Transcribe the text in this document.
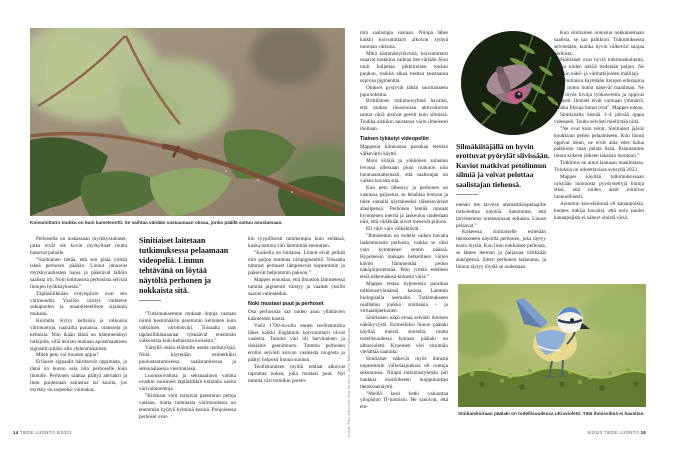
Koivumittarin toukka on kuin kameleontti. Se vaihtaa väriään vastaamaan oksaa, jonka päällä sattuu asustamaan.

Perhosella on niskassaan myrkkyrauhaset, jotka eivät ole kovin myrkylliset mutta haisevat pahalle.

”Sinitiainen tietää, että sen pitää yrittää iskeä perhosen päähän. Linnut inhoavat myrkkyrauhasten hajua ja päästävät tällöin saalista irti. Noin kolmasosa perhosista selviää lintujen hyökkäyksestä.”

Täpläsiilikkään erityispiirre ovat sen värimuodot. Yksilön väritys vaihtelee sukupuolen ja maantieteellisen sijainnin mukaan.

Koirailta löytyy keltaisia ja valkoisia värimuotoja, naarailta punaisia, oransseja ja keltaisia. Niin ikään tämä on hämmentänyt tutkijoita, sillä teorian mukaan aposemaattisen signaalin pitäisi olla yhdenmukainen.

Miten peto voi muuten oppia?

Erilaiset signaalit häiritsevät oppimista, ja tämä on huono asia niin perhoselle kuin linnulle. Perhonen saattaa päätyä ateriaksi ja lintu puolestaan sairastua tai kuolla, jos myrkky on tarpeeksi voimakas.

Sinitiaiset laitetaan tutkimuksessa pelaamaan videopeliä. Linnun tehtävänä on löytää näytöltä perhonen ja nokkaista sitä.

”Tutkimuksemme mukaan lintuja vastaan toimii keskimäärin paremmin keltainen kuin valkoinen varoitusväri. Toisaalta taas täpläsiilikäsnaaraat tykkäävät enemmän valkoisista kuin keltaisista koiraista.”

Väreillä onkin eläimille useita merkityksiä. Niitä käytetään esimerkiksi puolustautumisessa, saalistamisessa ja seksuaalisessa viestinnässä.

Luonnonvalinta ja seksuaalinen valinta ovatkin suosineet täpläsiilikin kohdalla useita värivaihtoehtoja.

”Kirkkaat värit toimivat paremmin petoja vastaan, mutta tummasta värimuodosta on enemmän hyötyä kylminä kesinä. Pohjoisessa perhoset ovat-

kin tyypillisesti tummempia kuin etelässä, koska tumma väri lämmittää enemmän.

”Kaikella on hintansa. Linnut eivät pelkää niin paljon tummaa väripigmenttiä. Toisaalta tummat perhoset lämpenevät nopeammin ja pääsevät helpommin pakoon.”

Mappes ennustaa, että ilmaston lämmetessä tumma pigmentti väistyy ja vaaleat yksilöt saavat valintaedun.

Noki mustasi puut ja perhoset

Osa perhosista saa uuden asun yllättävien käänteiden kautta.

Vielä 1700-luvulla ennen teollistumista lähes kaikki Englannin koivumittarit olivat vaaleita. Tumma väri oli harvinainen ja riskialtis geenimuoto. Tumma perhonen erottui selvästi koivun vaaleasta rungosta ja päätyi helposti linnun suuhun.

Teollistumisen myötä tehtaat alkoivat tupruttaa nokea, joka mustasi puut. Nyt tumma väri toimikin parem-	Kuvat: Pasi Kannisto, Esa Ström ja Janne Mäkinen/Vastavalo
14 TIEDE LUONTO 5/2023

min saalistajia vastaan. Niinpä lähes kaikki koivumittarit alkoivat syntyä tumman värisinä.

Mikä hämmästyttävintä, koivumittarit osaavat toukkina vaihtaa itse väriään. Kun tuuli kuljettaa pikkuruisen toukan puuhun, toukka alkaa tuottaa taustaansa sopivaa pigmenttiä.

Otukset pystyvät tähän suoritukseen jopa sokeina.

Brittiläinen tutkimusryhmä havaitsi, että toukan ihosoluissa aktivoituivat samat väriä aistivat geenit kuin silmissä. Toukka aistiikin taustansa värin ilmeisesti ihollaan.

Tiainen tykästyi videopeliin

Mappesia kiinnostaa paraikaa etenkin välkevärin käyttö.

Moni kiitäjä ja yökkönen sulautuu levossa ollessaan puun runkoon niin huomaamattomasti, että saalistajan on vaikea havaita sitä.

Kun peto lähestyy ja perhonen on vaarassa paljastua, se lehahtaa lentoon ja tulee samalla näyttäneeksi räikeänväriset alasiipensä. Perhonen lentää runsaat kymmenen metriä ja laskeutuu uudestaan niin, että värikkäät siivet menevät piiloon.

Eli värit vain välkähtävät.

”Ihmisenkin on todella vaikea havaita laskeutunutta perhosta, vaikka se olisi vain kymmenen sentin päässä. Hypoteesin mukaan hetkellinen värien käyttö hämmentää pedon näköjärjestelmää. Peto yrittää edelleen etsiä näkemäänsä kirkasta väriä.”

Mappes testaa hypoteesia paraikaa tutkimusryhmänsä kanssa Lammin biologisella asemalla. Tutkimukseen osallistuu joukko sinitiaisia – ja virtuaaliperhonen.

Sinitiaisen näkö eroaa selvästi ihmisen näkökyvystä. Esimerkiksi linnun päälaki näyttää meistä siniseltä, mutta todellisuudessa koiraan päälaki on ultravioletti. Kyseinen väri nimittäin viehättää naaraita.

Sinitiaiset näkevät myös ihmistä nopeammin välketaajuuksia eli ruutuja sekunnissa. Niinpä tutkimusryhmän piti hankkia ensitöikseen huippuluokan tietokonenäyttö.

”Meillä kesti hetki vakuuttaa yliopiston IT-toimisto. He sanoivat, että em-

Silmäkiitäjällä on hyvin erottuvat pyörylät siivissään. Kuviot matkivat petolinnun silmiä ja voivat pelottaa saalistajan tiehensä.

mehän me tarvitse ammattilaispelaajille tarkoitettua näyttöä. Sanoimme, että tarvitsemme nimenomaan sellaista. Linnut pelaavat.”

Kokeessa sinitiaiselle esitetään tietokoneen näytöltä perhonen, joka täytyy ensin löytää. Kun lintu nokkaisee perhosta, se lähtee lentoon ja paljastaa värikkäät alasiipensä. Sitten perhonen laskeutuu, ja linnun täytyy löytää se uudestaan.

Kun sinitiainen onnistuu nokkaisemaan saalista, se saa palkkion. Tutkimuksessa selvitetään, kuinka hyvin välkeväri suojaa perhosta.

Sinitiaiset ovat hyviä tutkimuskohteita, koska niiden näköä tiedetään paljon. Ne ovatkin näkö- ja väritutkijoiden mallilaji.

”Sinitiaisia käytetään lintujen edustajina siinä, miten linnut näkevät maailman. Ne ovat myös kivoja työkavereita ja oppivat helposti. Ihmiset eivät varmaan ymmärrä, kuinka fiksuja linnut ovat”, Mappes toteaa.

Sinitiaisilta kestää 3–4 päivää oppia videopeli. Touhu selvästi miellyttää niitä.

”Ne ovat kuin teinit. Sinitiaiset jäävät koukkuun pelien pelaamiseen. Kun linnut oppivat idean, ne eivät aina edes halua palkkiota vaan pelata lisää. Palautamme linnut kokeen jälkeen takaisin luontoon.”

Tutkimus on ainut laatuaan maailmassa. Tuloksia on odotettavissa syksyllä 2023.

Mappes käyttää tutkimuksissaan nykyään luonnosta pyydystettyjä lintuja siksi, että niiden aistit toimivat luonnollisesti.

Aiemmin koe-eläiminä oli kananpoikia, kunnes tutkija havaitsi, että noin puolet kananpojista ei nähnyt sinistä väriä.

Sinitiaiskoiraan päälaki on todellisuudessa ultravioletti. Tätä ihmissilmä ei havaitse.
5/2023 TIEDE LUONTO 15
